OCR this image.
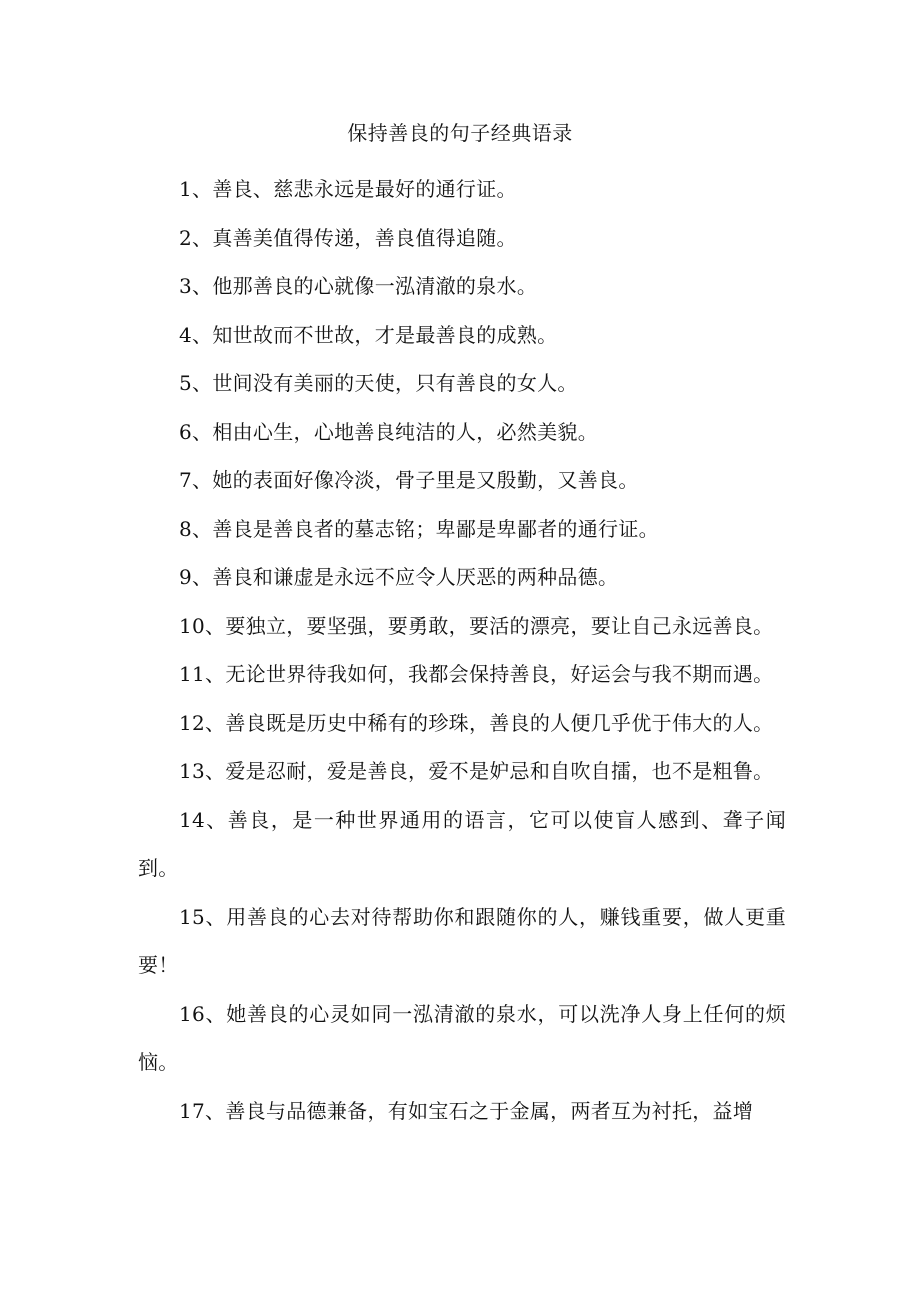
保持善良的句子经典语录

1、善良、慈悲永远是最好的通行证。

2、真善美值得传递，善良值得追随。

3、他那善良的心就像一泓清澈的泉水。

4、知世故而不世故，才是最善良的成熟。

5、世间没有美丽的天使，只有善良的女人。

6、相由心生，心地善良纯洁的人，必然美貌。

7、她的表面好像冷淡，骨子里是又殷勤，又善良。

8、善良是善良者的墓志铭；卑鄙是卑鄙者的通行证。

9、善良和谦虚是永远不应令人厌恶的两种品德。

10、要独立，要坚强，要勇敢，要活的漂亮，要让自己永远善良。

11、无论世界待我如何，我都会保持善良，好运会与我不期而遇。

12、善良既是历史中稀有的珍珠，善良的人便几乎优于伟大的人。

13、爱是忍耐，爱是善良，爱不是妒忌和自吹自擂，也不是粗鲁。

14、善良，是一种世界通用的语言，它可以使盲人感到、聋子闻到。

15、用善良的心去对待帮助你和跟随你的人，赚钱重要，做人更重要！

16、她善良的心灵如同一泓清澈的泉水，可以洗净人身上任何的烦恼。

17、善良与品德兼备，有如宝石之于金属，两者互为衬托，益增
